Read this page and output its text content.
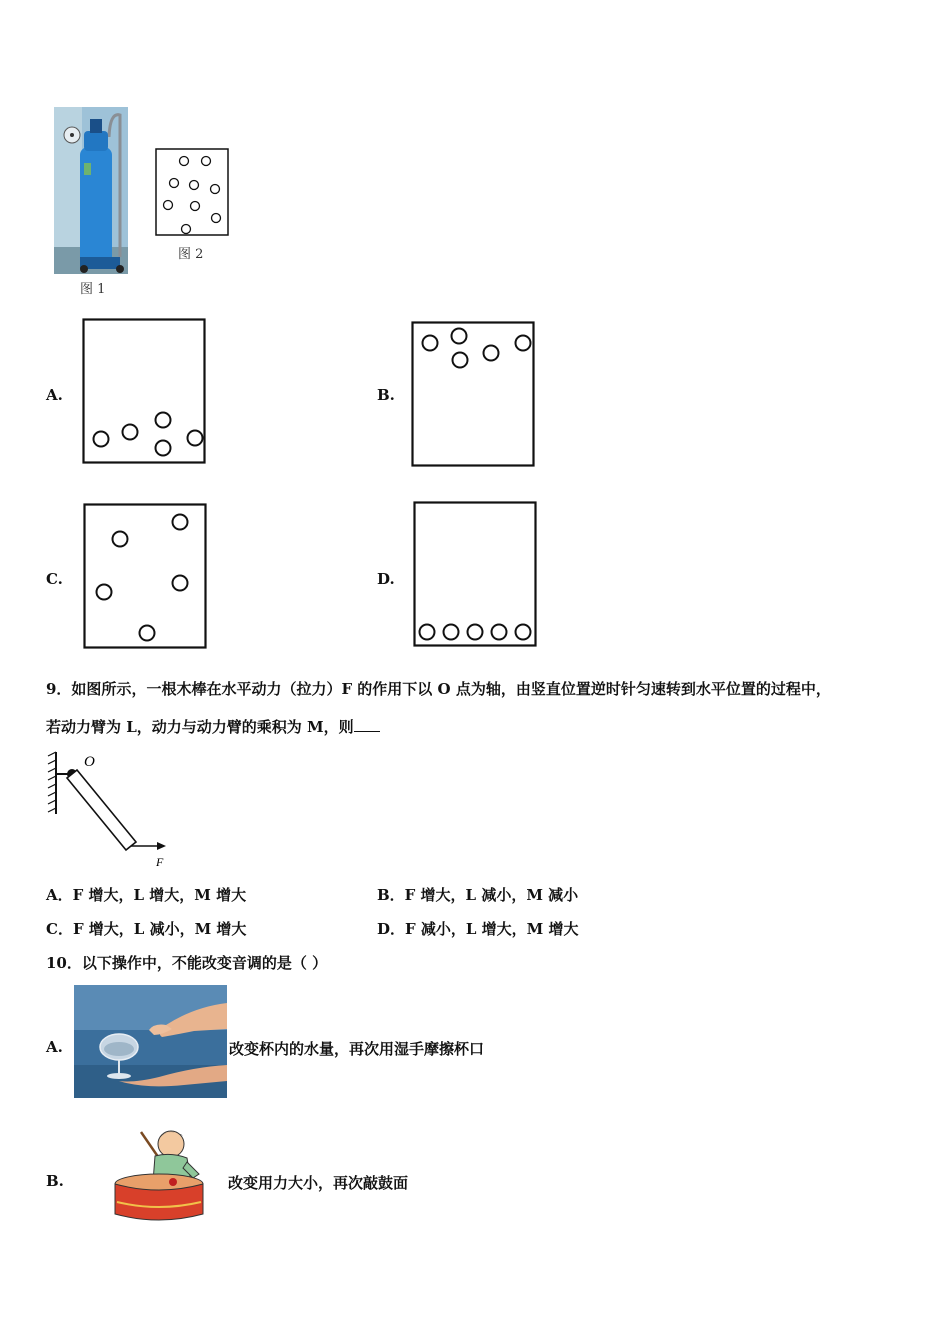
图 1
图 2
A.	B.
C.	D.
9．如图所示，一根木棒在水平动力（拉力）F 的作用下以 O 点为轴，由竖直位置逆时针匀速转到水平位置的过程中，
若动力臂为 L，动力与动力臂的乘积为 M，则
O
F
A．F 增大，L 增大，M 增大	B．F 增大，L 减小，M 减小
C．F 增大，L 减小，M 增大	D．F 减小，L 增大，M 增大
10．以下操作中，不能改变音调的是（ ）
A.	改变杯内的水量，再次用湿手摩擦杯口
B.	改变用力大小，再次敲鼓面
